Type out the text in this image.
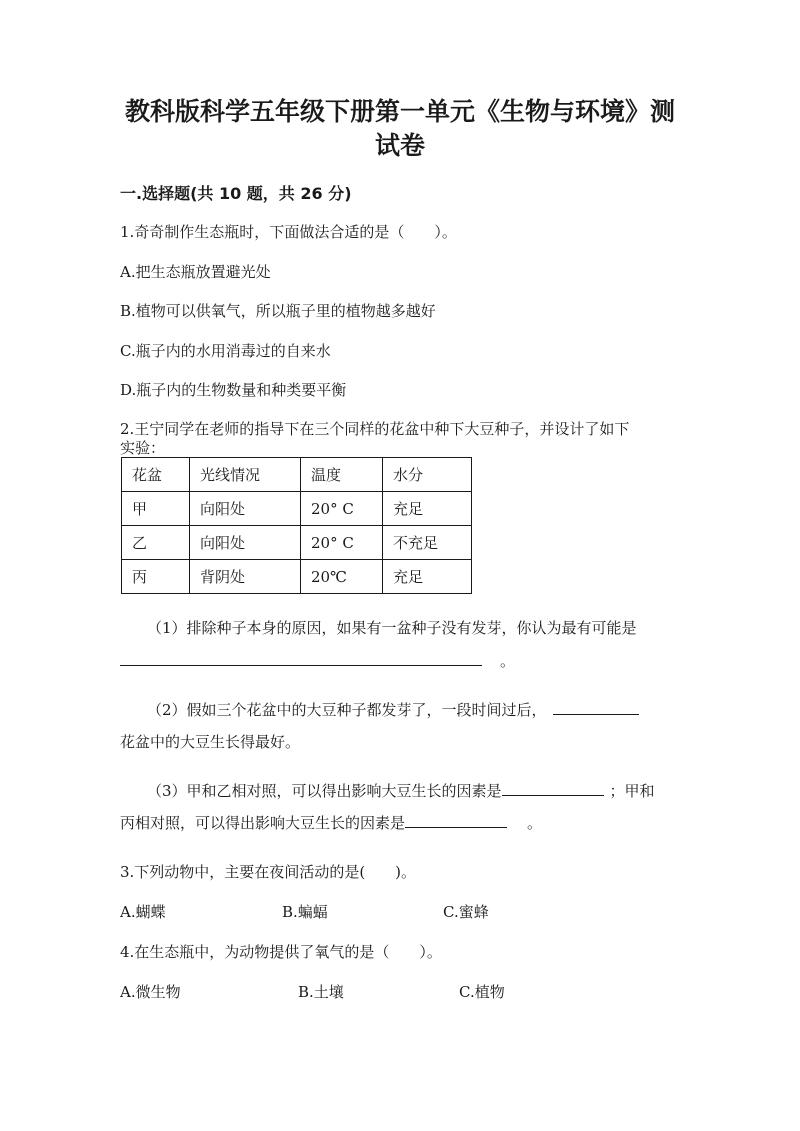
教科版科学五年级下册第一单元《生物与环境》测
试卷
一.选择题(共 10 题，共 26 分)
1.奇奇制作生态瓶时，下面做法合适的是（　　）。
A.把生态瓶放置避光处
B.植物可以供氧气，所以瓶子里的植物越多越好
C.瓶子内的水用消毒过的自来水
D.瓶子内的生物数量和种类要平衡
2.王宁同学在老师的指导下在三个同样的花盆中种下大豆种子，并设计了如下
实验：
花盆	光线情况	温度	水分
甲	向阳处	20° C	充足
乙	向阳处	20° C	不充足
丙	背阴处	20℃	充足
（1）排除种子本身的原因，如果有一盆种子没有发芽，你认为最有可能是
。
（2）假如三个花盆中的大豆种子都发芽了，一段时间过后，
花盆中的大豆生长得最好。
（3）甲和乙相对照，可以得出影响大豆生长的因素是	；甲和
丙相对照，可以得出影响大豆生长的因素是	。
3.下列动物中，主要在夜间活动的是(　　)。
A.蝴蝶	B.蝙蝠	C.蜜蜂
4.在生态瓶中，为动物提供了氧气的是（　　）。
A.微生物	B.土壤	C.植物
